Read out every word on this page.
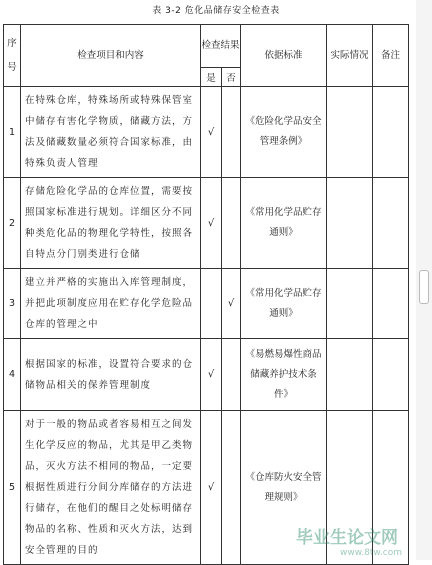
表 3-2 危化品储存安全检查表
序号	检查项目和内容	检查结果		依据标准	实际情况	备注
		是	否			
1	在特殊仓库，特殊场所或特殊保管室中储存有害化学物质，储藏方法，方法及储藏数量必须符合国家标准，由特殊负责人管理	√		《危险化学品安全管理条例》		
2	存储危险化学品的仓库位置，需要按照国家标准进行规划。详细区分不同种类危化品的物理化学特性，按照各自特点分门别类进行仓储	√		《常用化学品贮存通则》		
3	建立并严格的实施出入库管理制度，并把此项制度应用在贮存化学危险品仓库的管理之中		√	《常用化学品贮存通则》		
4	根据国家的标准，设置符合要求的仓储物品相关的保养管理制度	√		《易燃易爆性商品储藏养护技术条件》		
5	对于一般的物品或者容易相互之间发生化学反应的物品，尤其是甲乙类物品，灭火方法不相同的物品，一定要根据性质进行分间分库储存的方法进行储存，在他们的醒目之处标明储存物品的名称、性质和灭火方法，达到安全管理的目的	√		《仓库防火安全管理规则》		
毕业生论文网
www.8tw.com
